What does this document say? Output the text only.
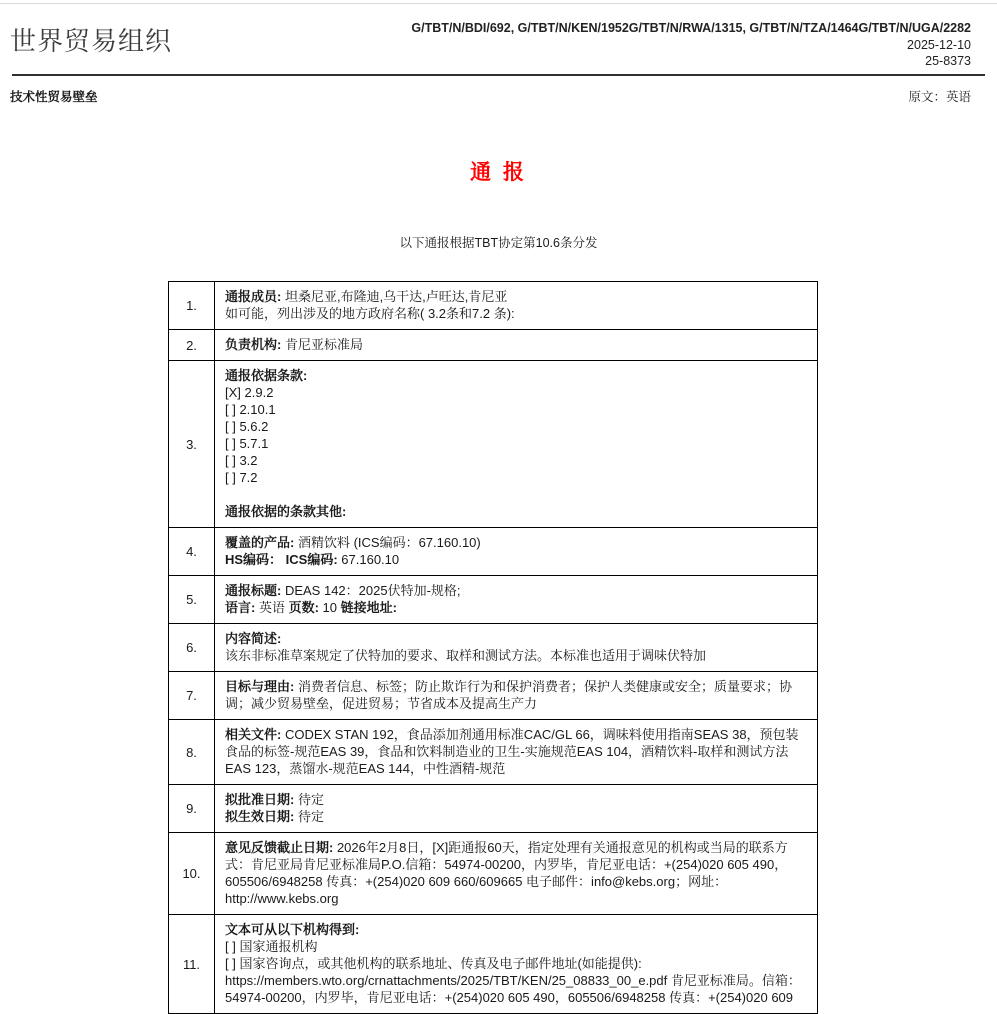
世界贸易组织	G/TBT/N/BDI/692, G/TBT/N/KEN/1952G/TBT/N/RWA/1315, G/TBT/N/TZA/1464G/TBT/N/UGA/2282
2025-12-10
25-8373
技术性贸易壁垒	原文：英语
通 报
以下通报根据TBT协定第10.6条分发
1.	通报成员: 坦桑尼亚,布隆迪,乌干达,卢旺达,肯尼亚
如可能，列出涉及的地方政府名称( 3.2条和7.2 条):

2.	负责机构: 肯尼亚标准局

3.	
通报依据条款:
[X] 2.9.2
[ ] 2.10.1
[ ] 5.6.2
[ ] 5.7.1
[ ] 3.2
[ ] 7.2

通报依据的条款其他:

4.	覆盖的产品: 酒精饮料 (ICS编码：67.160.10)
HS编码： ICS编码: 67.160.10

5.	通报标题: DEAS 142：2025伏特加-规格;
语言: 英语 页数: 10 链接地址:

6.	内容简述:
该东非标准草案规定了伏特加的要求、取样和测试方法。本标准也适用于调味伏特加

7.	目标与理由: 消费者信息、标签；防止欺诈行为和保护消费者；保护人类健康或安全；质量要求；协调；减少贸易壁垒，促进贸易；节省成本及提高生产力

8.	相关文件: CODEX STAN 192，食品添加剂通用标准CAC/GL 66，调味料使用指南SEAS 38，预包装食品的标签-规范EAS 39，食品和饮料制造业的卫生-实施规范EAS 104，酒精饮料-取样和测试方法EAS 123，蒸馏水-规范EAS 144，中性酒精-规范

9.	拟批准日期: 待定
拟生效日期: 待定

10.	意见反馈截止日期: 2026年2月8日，[X]距通报60天，指定处理有关通报意见的机构或当局的联系方式：肯尼亚局肯尼亚标准局P.O.信箱：54974-00200，内罗毕，肯尼亚电话：+(254)020 605 490，605506/6948258 传真：+(254)020 609 660/609665 电子邮件：info@kebs.org；网址：http://www.kebs.org

11.	文本可从以下机构得到:
[ ] 国家通报机构
[ ] 国家咨询点，或其他机构的联系地址、传真及电子邮件地址(如能提供):
https://members.wto.org/crnattachments/2025/TBT/KEN/25_08833_00_e.pdf 肯尼亚标准局。信箱：54974-00200，内罗毕，肯尼亚电话：+(254)020 605 490，605506/6948258 传真：+(254)020 609
